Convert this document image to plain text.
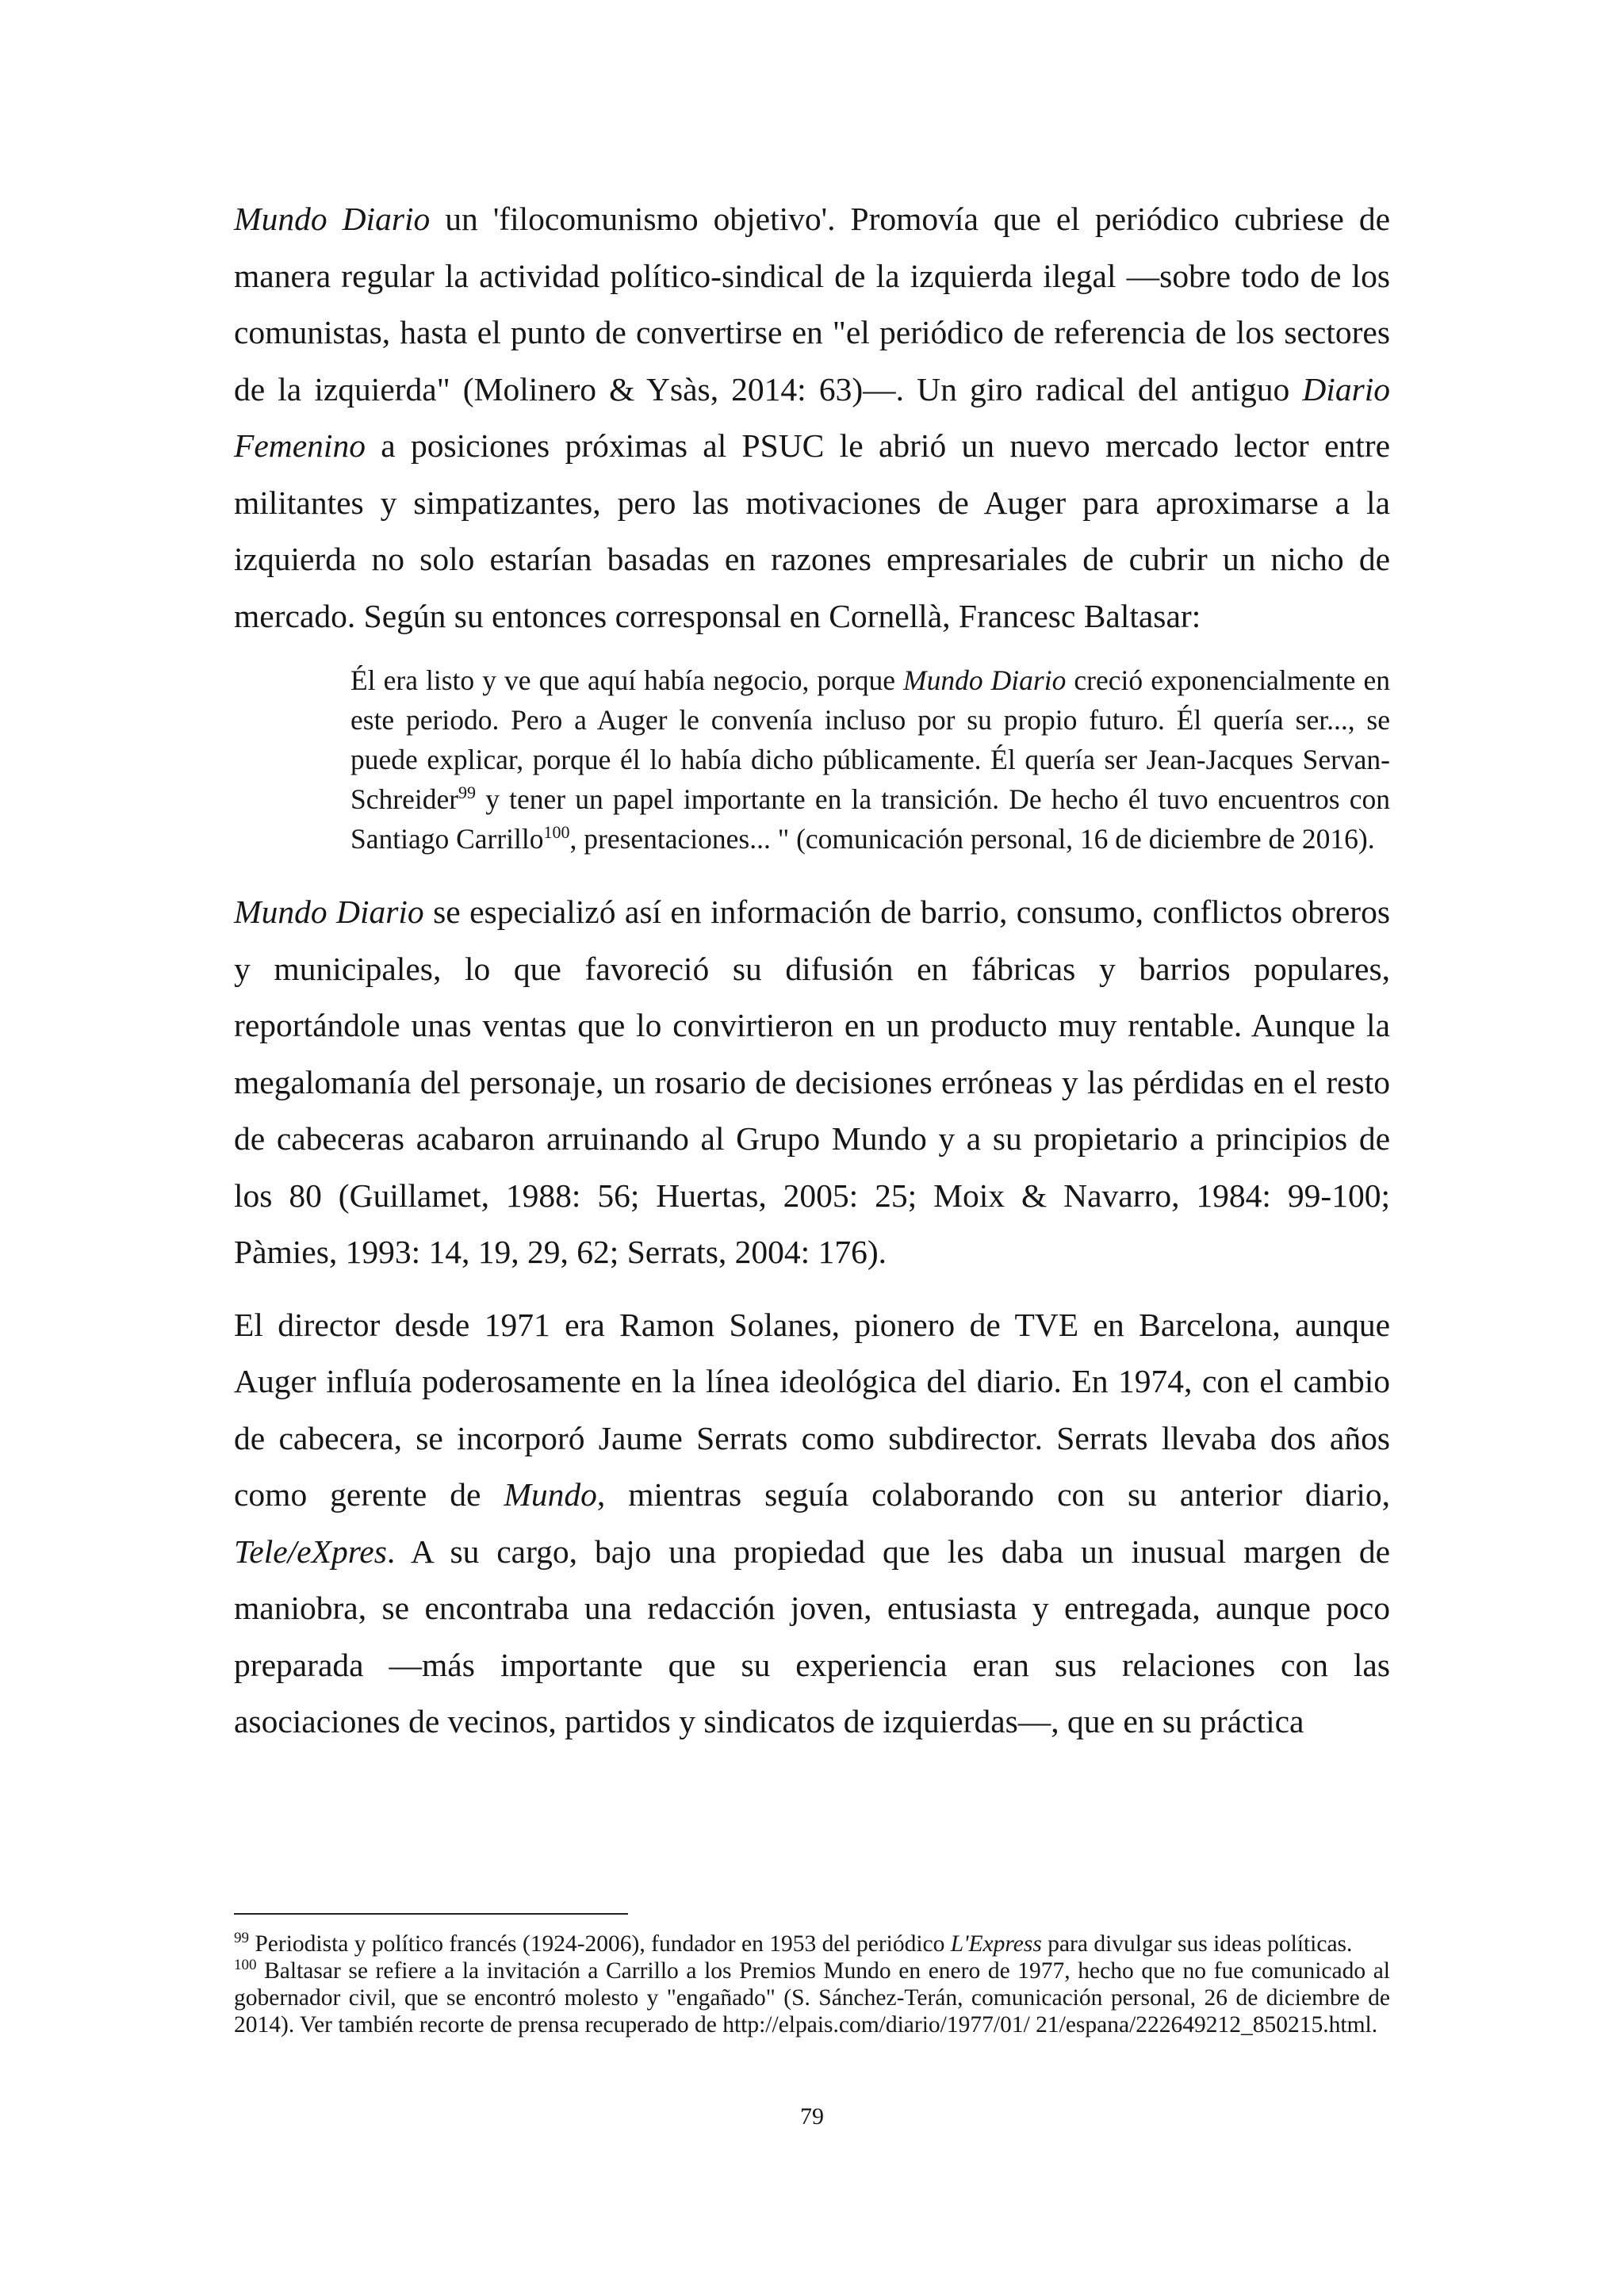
Mundo Diario un 'filocomunismo objetivo'. Promovía que el periódico cubriese de manera regular la actividad político-sindical de la izquierda ilegal —sobre todo de los comunistas, hasta el punto de convertirse en "el periódico de referencia de los sectores de la izquierda" (Molinero & Ysàs, 2014: 63)—. Un giro radical del antiguo Diario Femenino a posiciones próximas al PSUC le abrió un nuevo mercado lector entre militantes y simpatizantes, pero las motivaciones de Auger para aproximarse a la izquierda no solo estarían basadas en razones empresariales de cubrir un nicho de mercado. Según su entonces corresponsal en Cornellà, Francesc Baltasar:

Él era listo y ve que aquí había negocio, porque Mundo Diario creció exponencialmente en este periodo. Pero a Auger le convenía incluso por su propio futuro. Él quería ser..., se puede explicar, porque él lo había dicho públicamente. Él quería ser Jean-Jacques Servan-Schreider$^{99}$ y tener un papel importante en la transición. De hecho él tuvo encuentros con Santiago Carrillo$^{100}$, presentaciones... " (comunicación personal, 16 de diciembre de 2016).

Mundo Diario se especializó así en información de barrio, consumo, conflictos obreros y municipales, lo que favoreció su difusión en fábricas y barrios populares, reportándole unas ventas que lo convirtieron en un producto muy rentable. Aunque la megalomanía del personaje, un rosario de decisiones erróneas y las pérdidas en el resto de cabeceras acabaron arruinando al Grupo Mundo y a su propietario a principios de los 80 (Guillamet, 1988: 56; Huertas, 2005: 25; Moix & Navarro, 1984: 99-100; Pàmies, 1993: 14, 19, 29, 62; Serrats, 2004: 176).

El director desde 1971 era Ramon Solanes, pionero de TVE en Barcelona, aunque Auger influía poderosamente en la línea ideológica del diario. En 1974, con el cambio de cabecera, se incorporó Jaume Serrats como subdirector. Serrats llevaba dos años como gerente de Mundo, mientras seguía colaborando con su anterior diario, Tele/eXpres. A su cargo, bajo una propiedad que les daba un inusual margen de maniobra, se encontraba una redacción joven, entusiasta y entregada, aunque poco preparada —más importante que su experiencia eran sus relaciones con las asociaciones de vecinos, partidos y sindicatos de izquierdas—, que en su práctica

$^{99}$ Periodista y político francés (1924-2006), fundador en 1953 del periódico L'Express para divulgar sus ideas políticas.

$^{100}$ Baltasar se refiere a la invitación a Carrillo a los Premios Mundo en enero de 1977, hecho que no fue comunicado al gobernador civil, que se encontró molesto y "engañado" (S. Sánchez-Terán, comunicación personal, 26 de diciembre de 2014). Ver también recorte de prensa recuperado de http://elpais.com/diario/1977/01/ 21/espana/222649212_850215.html.

79
